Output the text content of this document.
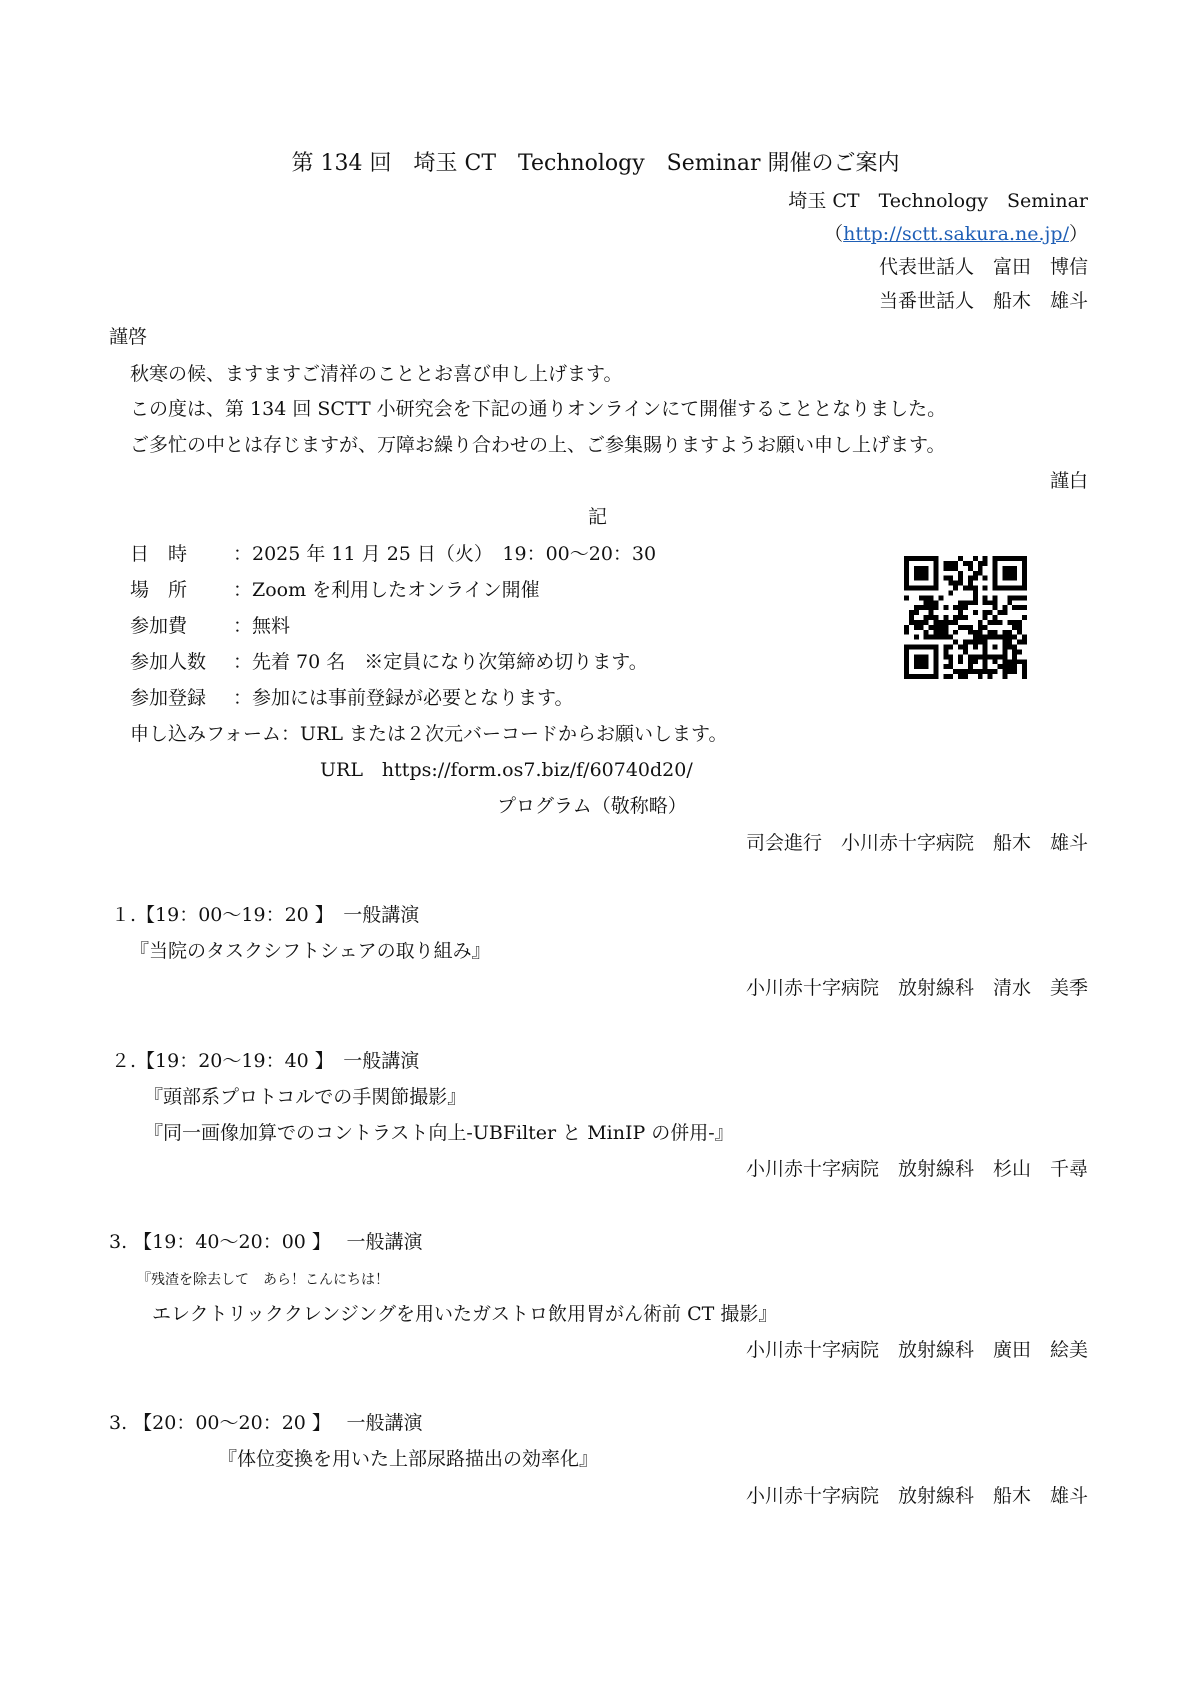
第 134 回　埼玉 CT　Technology　Seminar 開催のご案内
埼玉 CT　Technology　Seminar
（http://sctt.sakura.ne.jp/）
代表世話人　富田　博信
当番世話人　船木　雄斗
謹啓
秋寒の候、ますますご清祥のこととお喜び申し上げます。
この度は、第 134 回 SCTT 小研究会を下記の通りオンラインにて開催することとなりました。
ご多忙の中とは存じますが、万障お繰り合わせの上、ご参集賜りますようお願い申し上げます。
謹白
記
日　時 ：2025 年 11 月 25 日（火）　19：00～20：30
場　所 ：Zoom を利用したオンライン開催
参加費 ：無料
参加人数 ：先着 70 名　※定員になり次第締め切ります。
参加登録 ：参加には事前登録が必要となります。
申し込みフォーム：URL または２次元バーコードからお願いします。
URL　https://form.os7.biz/f/60740d20/
プログラム（敬称略）
司会進行　小川赤十字病院　船木　雄斗
１.【19：00～19：20 】　一般講演
『当院のタスクシフトシェアの取り組み』
小川赤十字病院　放射線科　清水　美季
２.【19：20～19：40 】　一般講演
『頭部系プロトコルでの手関節撮影』
『同一画像加算でのコントラスト向上-UBFilter と MinIP の併用-』
小川赤十字病院　放射線科　杉山　千尋
3. 【19：40～20：00 】　 一般講演
『残渣を除去して　あら！こんにちは！
エレクトリッククレンジングを用いたガストロ飲用胃がん術前 CT 撮影』
小川赤十字病院　放射線科　廣田　絵美
3. 【20：00～20：20 】　 一般講演
『体位変換を用いた上部尿路描出の効率化』
小川赤十字病院　放射線科　船木　雄斗
